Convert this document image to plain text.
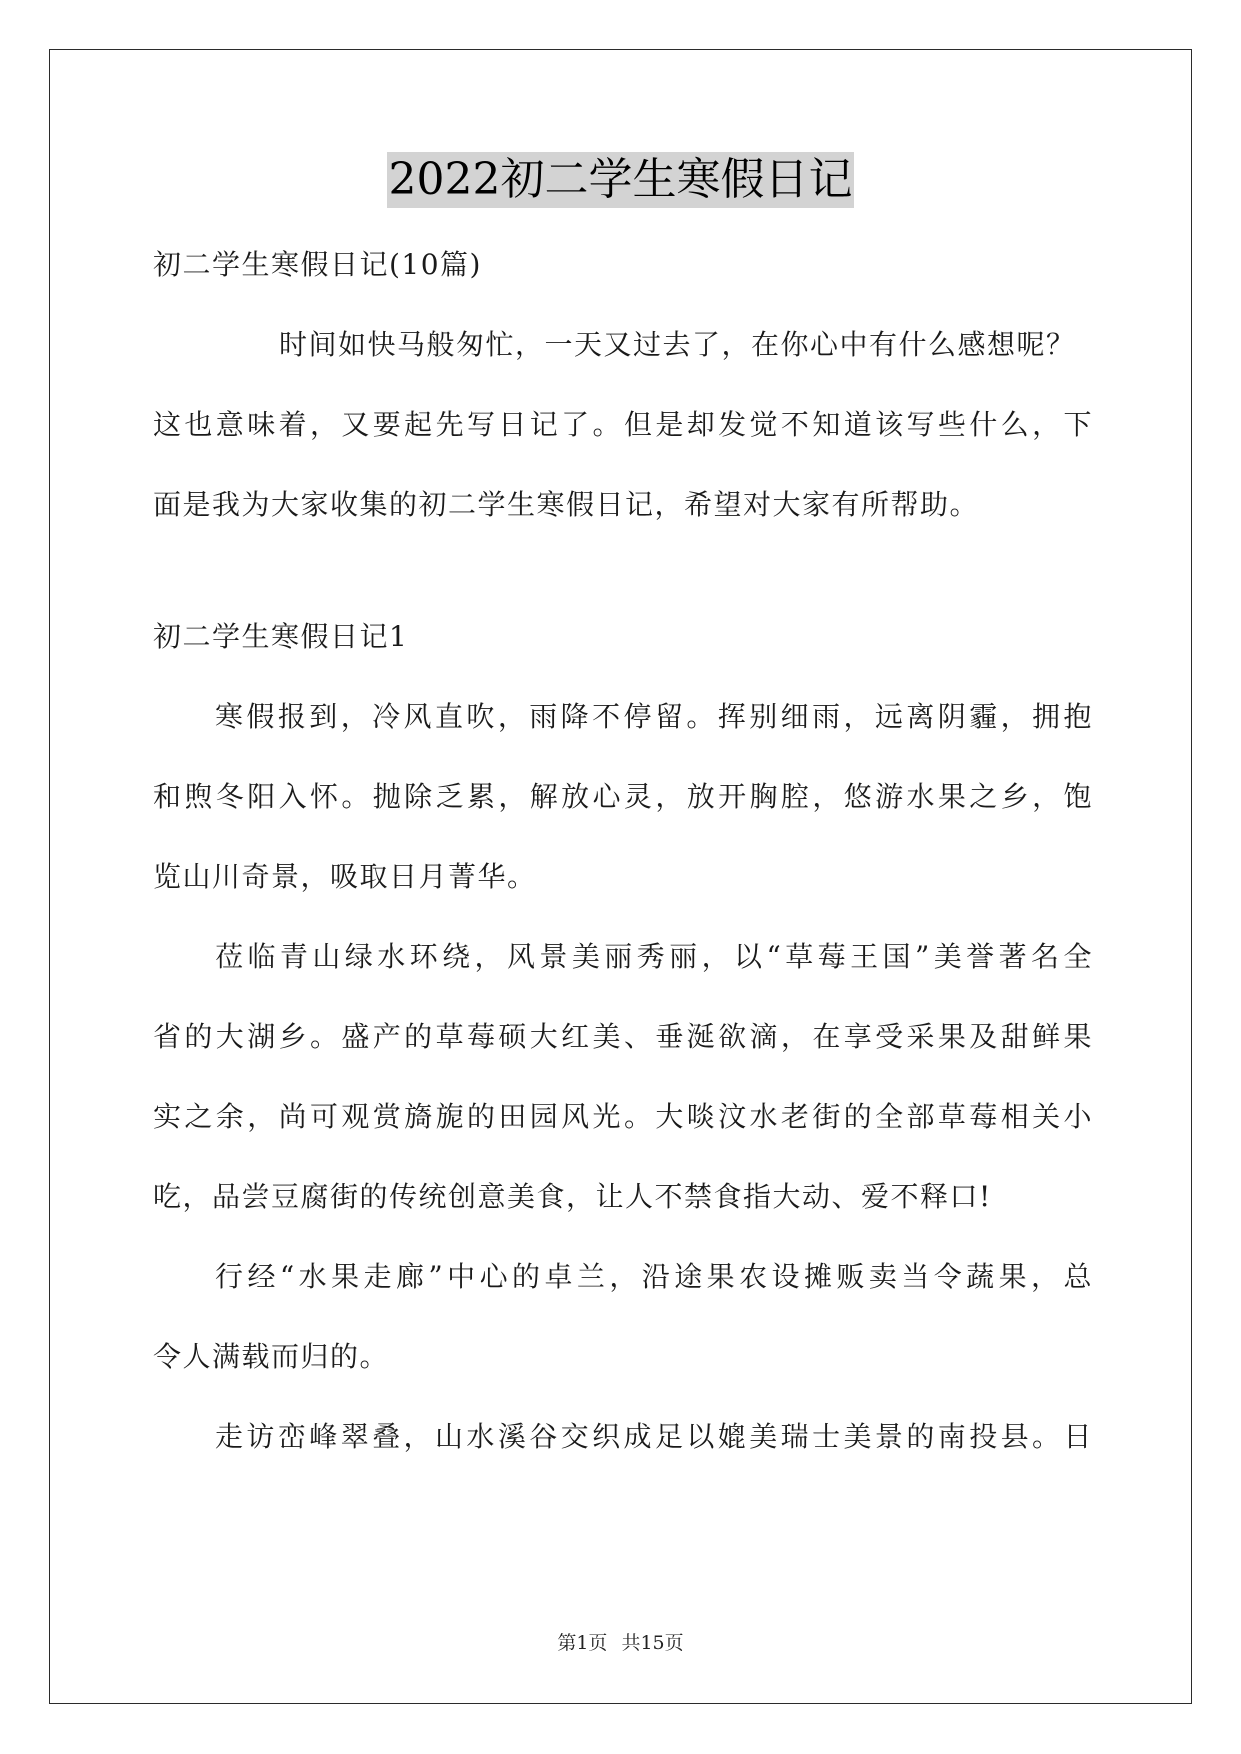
2022初二学生寒假日记
初二学生寒假日记(10篇)
时间如快马般匆忙，一天又过去了，在你心中有什么感想呢？
这也意味着，又要起先写日记了。但是却发觉不知道该写些什么，下
面是我为大家收集的初二学生寒假日记，希望对大家有所帮助。
初二学生寒假日记1
寒假报到，冷风直吹，雨降不停留。挥别细雨，远离阴霾，拥抱
和煦冬阳入怀。抛除乏累，解放心灵，放开胸腔，悠游水果之乡，饱
览山川奇景，吸取日月菁华。
莅临青山绿水环绕，风景美丽秀丽，以“草莓王国”美誉著名全
省的大湖乡。盛产的草莓硕大红美、垂涎欲滴，在享受采果及甜鲜果
实之余，尚可观赏旖旎的田园风光。大啖汶水老街的全部草莓相关小
吃，品尝豆腐街的传统创意美食，让人不禁食指大动、爱不释口!
行经“水果走廊”中心的卓兰，沿途果农设摊贩卖当令蔬果，总
令人满载而归的。
走访峦峰翠叠，山水溪谷交织成足以媲美瑞士美景的南投县。日
第1页 共15页
